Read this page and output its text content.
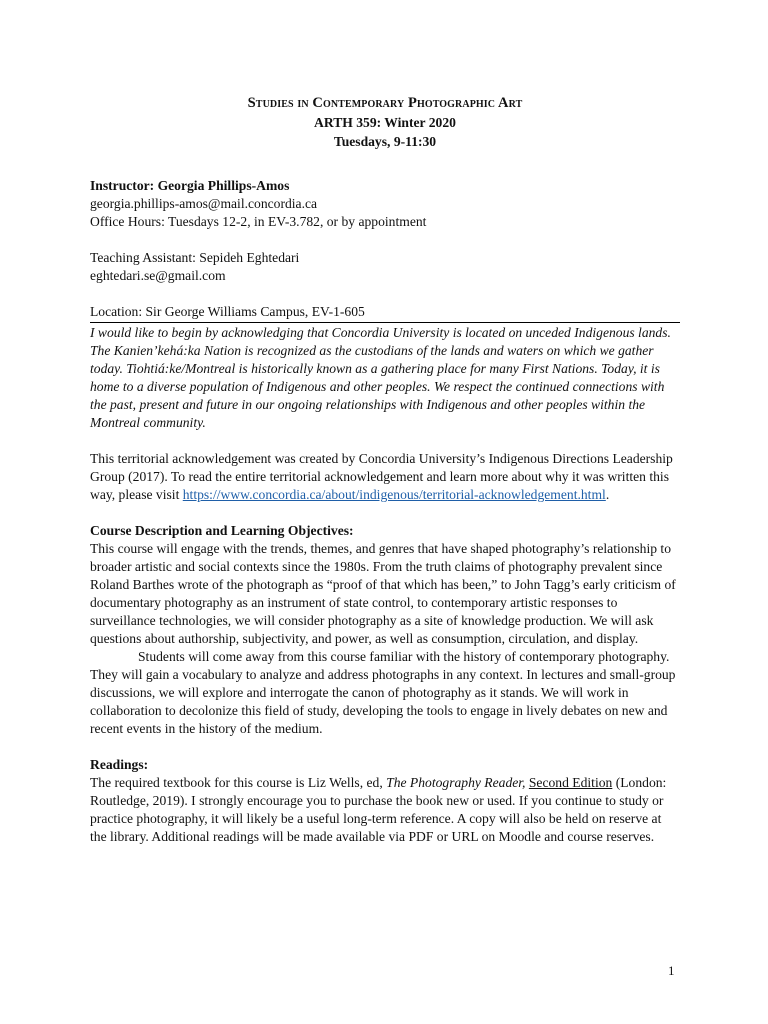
Studies in Contemporary Photographic Art
ARTH 359: Winter 2020
Tuesdays, 9-11:30

Instructor: Georgia Phillips-Amos

georgia.phillips-amos@mail.concordia.ca

Office Hours: Tuesdays 12-2, in EV-3.782, or by appointment

Teaching Assistant: Sepideh Eghtedari

eghtedari.se@gmail.com

Location: Sir George Williams Campus, EV-1-605

I would like to begin by acknowledging that Concordia University is located on unceded Indigenous lands. The Kanien’kehá:ka Nation is recognized as the custodians of the lands and waters on which we gather today. Tiohtiá:ke/Montreal is historically known as a gathering place for many First Nations. Today, it is home to a diverse population of Indigenous and other peoples. We respect the continued connections with the past, present and future in our ongoing relationships with Indigenous and other peoples within the Montreal community.

This territorial acknowledgement was created by Concordia University’s Indigenous Directions Leadership Group (2017). To read the entire territorial acknowledgement and learn more about why it was written this way, please visit https://www.concordia.ca/about/indigenous/territorial-acknowledgement.html.

Course Description and Learning Objectives:

This course will engage with the trends, themes, and genres that have shaped photography’s relationship to broader artistic and social contexts since the 1980s. From the truth claims of photography prevalent since Roland Barthes wrote of the photograph as “proof of that which has been,” to John Tagg’s early criticism of documentary photography as an instrument of state control, to contemporary artistic responses to surveillance technologies, we will consider photography as a site of knowledge production. We will ask questions about authorship, subjectivity, and power, as well as consumption, circulation, and display.

Students will come away from this course familiar with the history of contemporary photography. They will gain a vocabulary to analyze and address photographs in any context. In lectures and small-group discussions, we will explore and interrogate the canon of photography as it stands. We will work in collaboration to decolonize this field of study, developing the tools to engage in lively debates on new and recent events in the history of the medium.

Readings:

The required textbook for this course is Liz Wells, ed, The Photography Reader, Second Edition (London: Routledge, 2019). I strongly encourage you to purchase the book new or used. If you continue to study or practice photography, it will likely be a useful long-term reference. A copy will also be held on reserve at the library. Additional readings will be made available via PDF or URL on Moodle and course reserves.

1
